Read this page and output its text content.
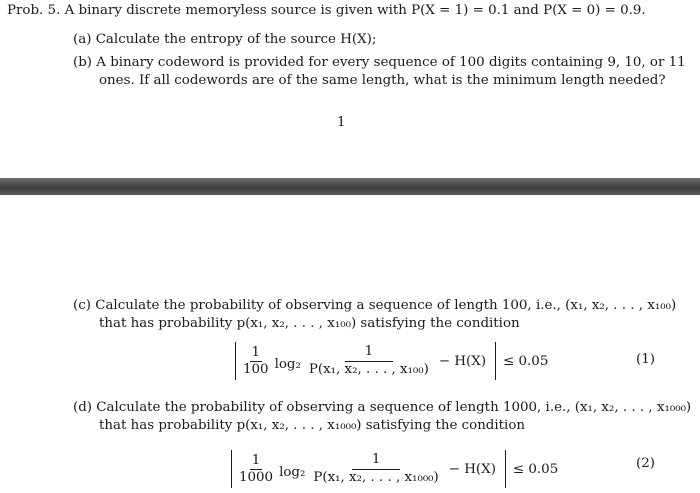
Prob. 5. A binary discrete memoryless source is given with P(X = 1) = 0.1 and P(X = 0) = 0.9.
(a) Calculate the entropy of the source H(X);
(b) A binary codeword is provided for every sequence of 100 digits containing 9, 10, or 11
ones. If all codewords are of the same length, what is the minimum length needed?
1
(c) Calculate the probability of observing a sequence of length 100, i.e., (x₁, x₂, . . . , x₁₀₀)
that has probability p(x₁, x₂, . . . , x₁₀₀) satisfying the condition
$\frac{1}{100} \log_2 \frac{1}{\text{P(x₁, x₂, . . . , x₁₀₀)}} - H(X) \le 0.05$	(1)
(d) Calculate the probability of observing a sequence of length 1000, i.e., (x₁, x₂, . . . , x₁₀₀₀)
that has probability p(x₁, x₂, . . . , x₁₀₀₀) satisfying the condition
$\frac{1}{1000} \log_2 \frac{1}{\text{P(x₁, x₂, . . . , x₁₀₀₀)}} - H(X) \le 0.05$	(2)
